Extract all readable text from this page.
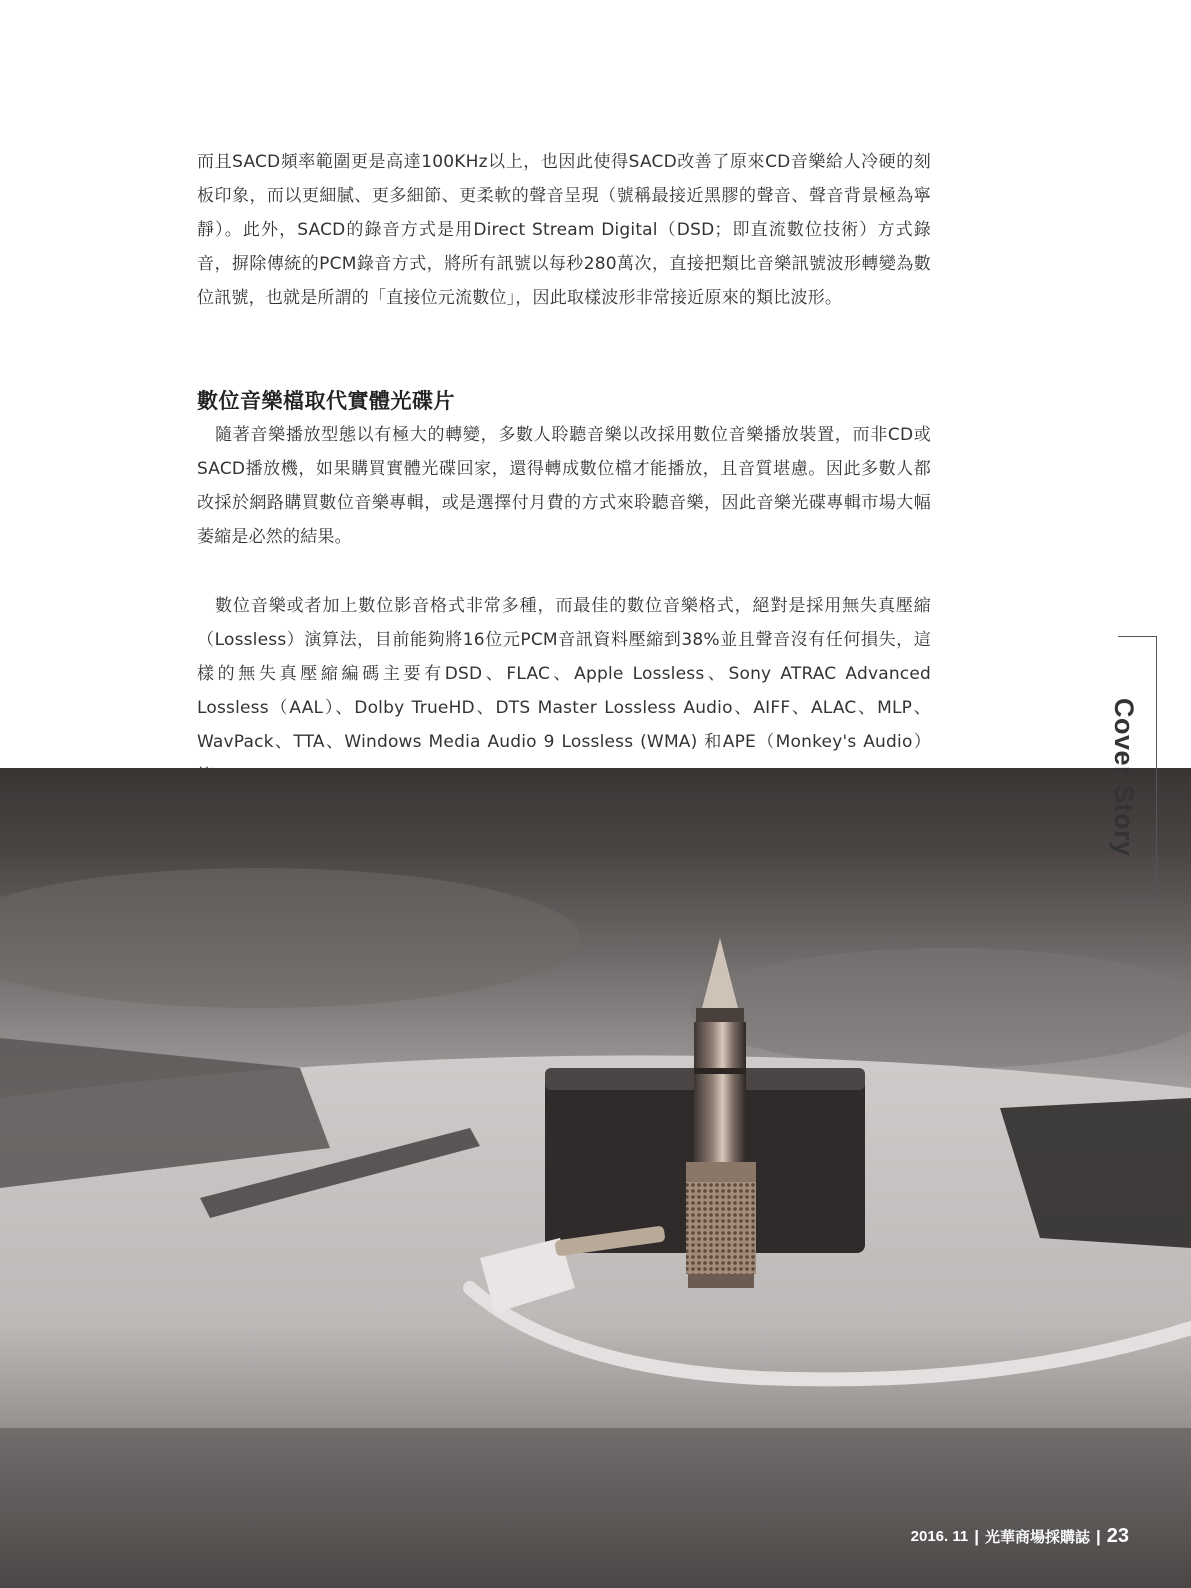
而且SACD頻率範圍更是高達100KHz以上，也因此使得SACD改善了原來CD音樂給人冷硬的刻板印象，而以更細膩、更多細節、更柔軟的聲音呈現（號稱最接近黑膠的聲音、聲音背景極為寧靜）。此外，SACD的錄音方式是用Direct Stream Digital（DSD；即直流數位技術）方式錄音，摒除傳統的PCM錄音方式，將所有訊號以每秒280萬次，直接把類比音樂訊號波形轉變為數位訊號，也就是所謂的「直接位元流數位」，因此取樣波形非常接近原來的類比波形。

數位音樂檔取代實體光碟片

隨著音樂播放型態以有極大的轉變，多數人聆聽音樂以改採用數位音樂播放裝置，而非CD或SACD播放機，如果購買實體光碟回家，還得轉成數位檔才能播放，且音質堪慮。因此多數人都改採於網路購買數位音樂專輯，或是選擇付月費的方式來聆聽音樂，因此音樂光碟專輯市場大幅萎縮是必然的結果。

數位音樂或者加上數位影音格式非常多種，而最佳的數位音樂格式，絕對是採用無失真壓縮（Lossless）演算法，目前能夠將16位元PCM音訊資料壓縮到38%並且聲音沒有任何損失，這樣的無失真壓縮編碼主要有DSD、FLAC、Apple Lossless、Sony ATRAC Advanced Lossless（AAL）、Dolby TrueHD、DTS Master Lossless Audio、AIFF、ALAC、MLP、WavPack、TTA、Windows Media Audio 9 Lossless (WMA) 和APE（Monkey's Audio）	Cover Story
2016. 11 | 光華商場採購誌 | 23
